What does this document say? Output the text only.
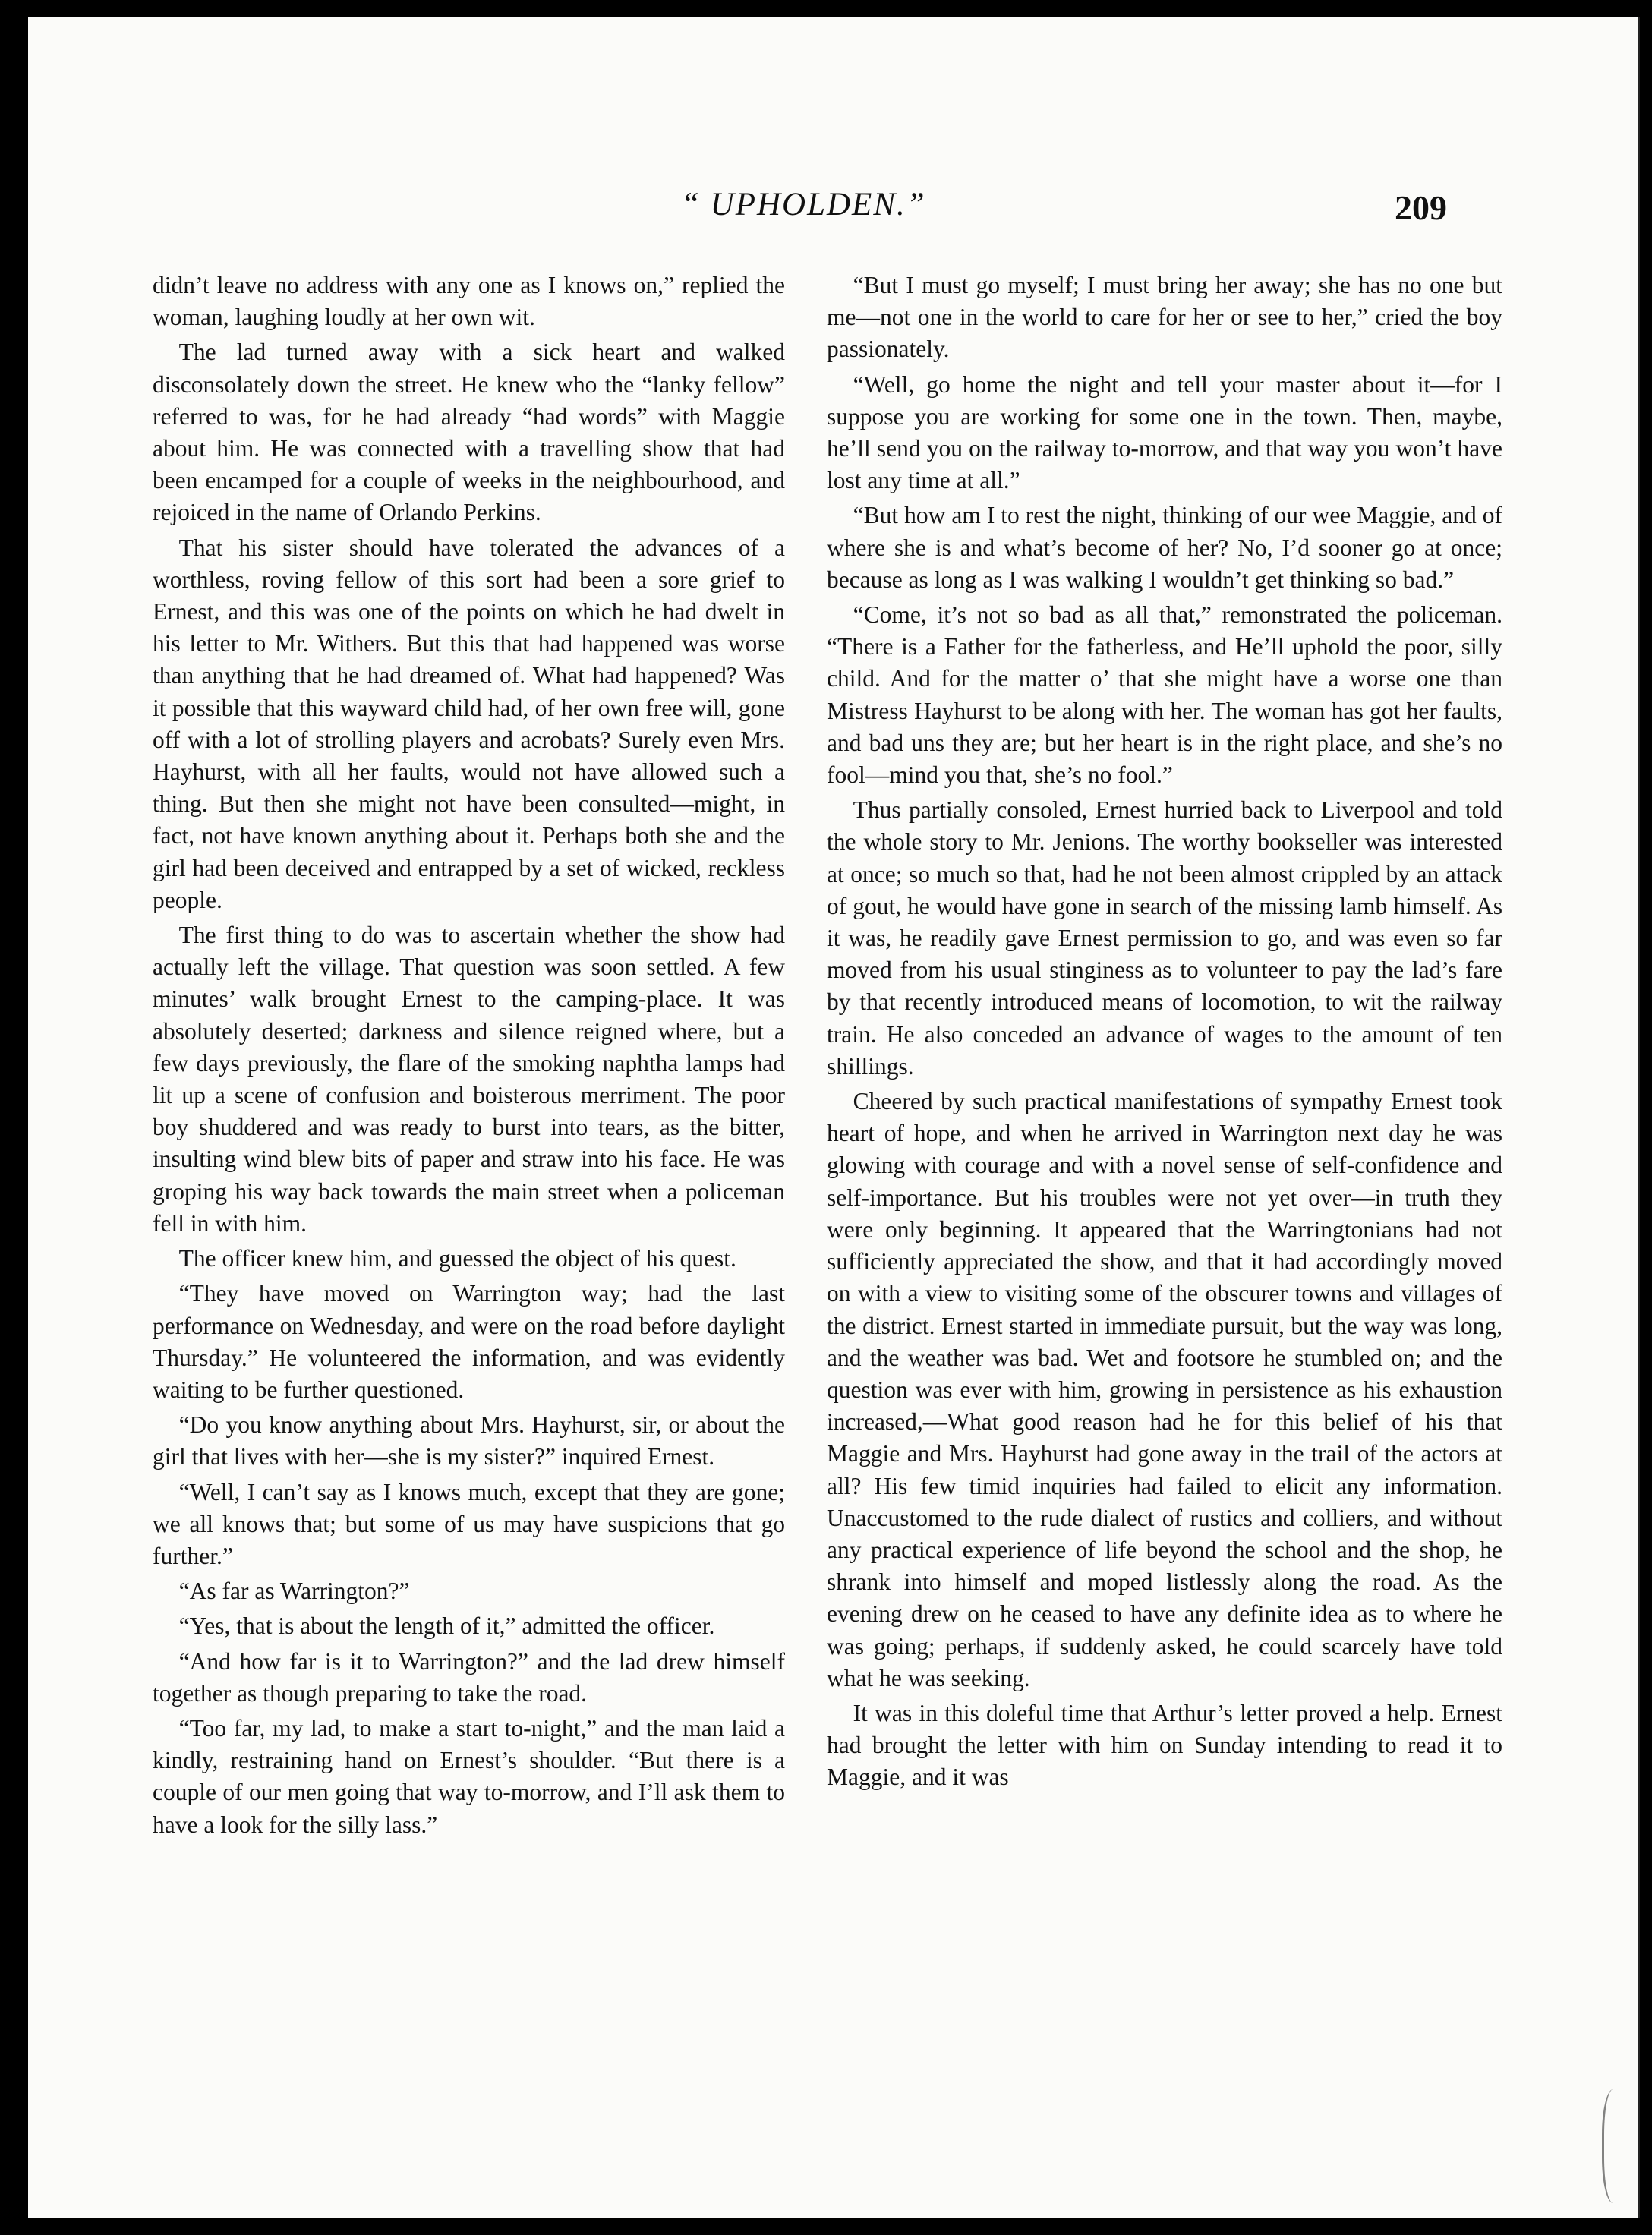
“ UPHOLDEN.”	209

didn’t leave no address with any one as I knows on,” replied the woman, laughing loudly at her own wit.

The lad turned away with a sick heart and walked disconsolately down the street. He knew who the “lanky fellow” referred to was, for he had already “had words” with Maggie about him. He was connected with a travelling show that had been encamped for a couple of weeks in the neighbourhood, and rejoiced in the name of Orlando Perkins.

That his sister should have tolerated the advances of a worthless, roving fellow of this sort had been a sore grief to Ernest, and this was one of the points on which he had dwelt in his letter to Mr. Withers. But this that had happened was worse than anything that he had dreamed of. What had happened? Was it possible that this wayward child had, of her own free will, gone off with a lot of strolling players and acrobats? Surely even Mrs. Hayhurst, with all her faults, would not have allowed such a thing. But then she might not have been consulted—might, in fact, not have known anything about it. Perhaps both she and the girl had been deceived and entrapped by a set of wicked, reckless people.

The first thing to do was to ascertain whether the show had actually left the village. That question was soon settled. A few minutes’ walk brought Ernest to the camping-place. It was absolutely deserted; darkness and silence reigned where, but a few days previously, the flare of the smoking naphtha lamps had lit up a scene of confusion and boisterous merriment. The poor boy shuddered and was ready to burst into tears, as the bitter, insulting wind blew bits of paper and straw into his face. He was groping his way back towards the main street when a policeman fell in with him.

The officer knew him, and guessed the object of his quest.

“They have moved on Warrington way; had the last performance on Wednesday, and were on the road before daylight Thursday.” He volunteered the information, and was evidently waiting to be further questioned.

“Do you know anything about Mrs. Hayhurst, sir, or about the girl that lives with her—she is my sister?” inquired Ernest.

“Well, I can’t say as I knows much, except that they are gone; we all knows that; but some of us may have suspicions that go further.”

“As far as Warrington?”

“Yes, that is about the length of it,” admitted the officer.

“And how far is it to Warrington?” and the lad drew himself together as though preparing to take the road.

“Too far, my lad, to make a start to-night,” and the man laid a kindly, restraining hand on Ernest’s shoulder. “But there is a couple of our men going that way to-morrow, and I’ll ask them to have a look for the silly lass.”

“But I must go myself; I must bring her away; she has no one but me—not one in the world to care for her or see to her,” cried the boy passionately.

“Well, go home the night and tell your master about it—for I suppose you are working for some one in the town. Then, maybe, he’ll send you on the railway to-morrow, and that way you won’t have lost any time at all.”

“But how am I to rest the night, thinking of our wee Maggie, and of where she is and what’s become of her? No, I’d sooner go at once; because as long as I was walking I wouldn’t get thinking so bad.”

“Come, it’s not so bad as all that,” remonstrated the policeman. “There is a Father for the fatherless, and He’ll uphold the poor, silly child. And for the matter o’ that she might have a worse one than Mistress Hayhurst to be along with her. The woman has got her faults, and bad uns they are; but her heart is in the right place, and she’s no fool—mind you that, she’s no fool.”

Thus partially consoled, Ernest hurried back to Liverpool and told the whole story to Mr. Jenions. The worthy bookseller was interested at once; so much so that, had he not been almost crippled by an attack of gout, he would have gone in search of the missing lamb himself. As it was, he readily gave Ernest permission to go, and was even so far moved from his usual stinginess as to volunteer to pay the lad’s fare by that recently introduced means of locomotion, to wit the railway train. He also conceded an advance of wages to the amount of ten shillings.

Cheered by such practical manifestations of sympathy Ernest took heart of hope, and when he arrived in Warrington next day he was glowing with courage and with a novel sense of self-confidence and self-importance. But his troubles were not yet over—in truth they were only beginning. It appeared that the Warringtonians had not sufficiently appreciated the show, and that it had accordingly moved on with a view to visiting some of the obscurer towns and villages of the district. Ernest started in immediate pursuit, but the way was long, and the weather was bad. Wet and footsore he stumbled on; and the question was ever with him, growing in persistence as his exhaustion increased,—What good reason had he for this belief of his that Maggie and Mrs. Hayhurst had gone away in the trail of the actors at all? His few timid inquiries had failed to elicit any information. Unaccustomed to the rude dialect of rustics and colliers, and without any practical experience of life beyond the school and the shop, he shrank into himself and moped listlessly along the road. As the evening drew on he ceased to have any definite idea as to where he was going; perhaps, if suddenly asked, he could scarcely have told what he was seeking.

It was in this doleful time that Arthur’s letter proved a help. Ernest had brought the letter with him on Sunday intending to read it to Maggie, and it was
